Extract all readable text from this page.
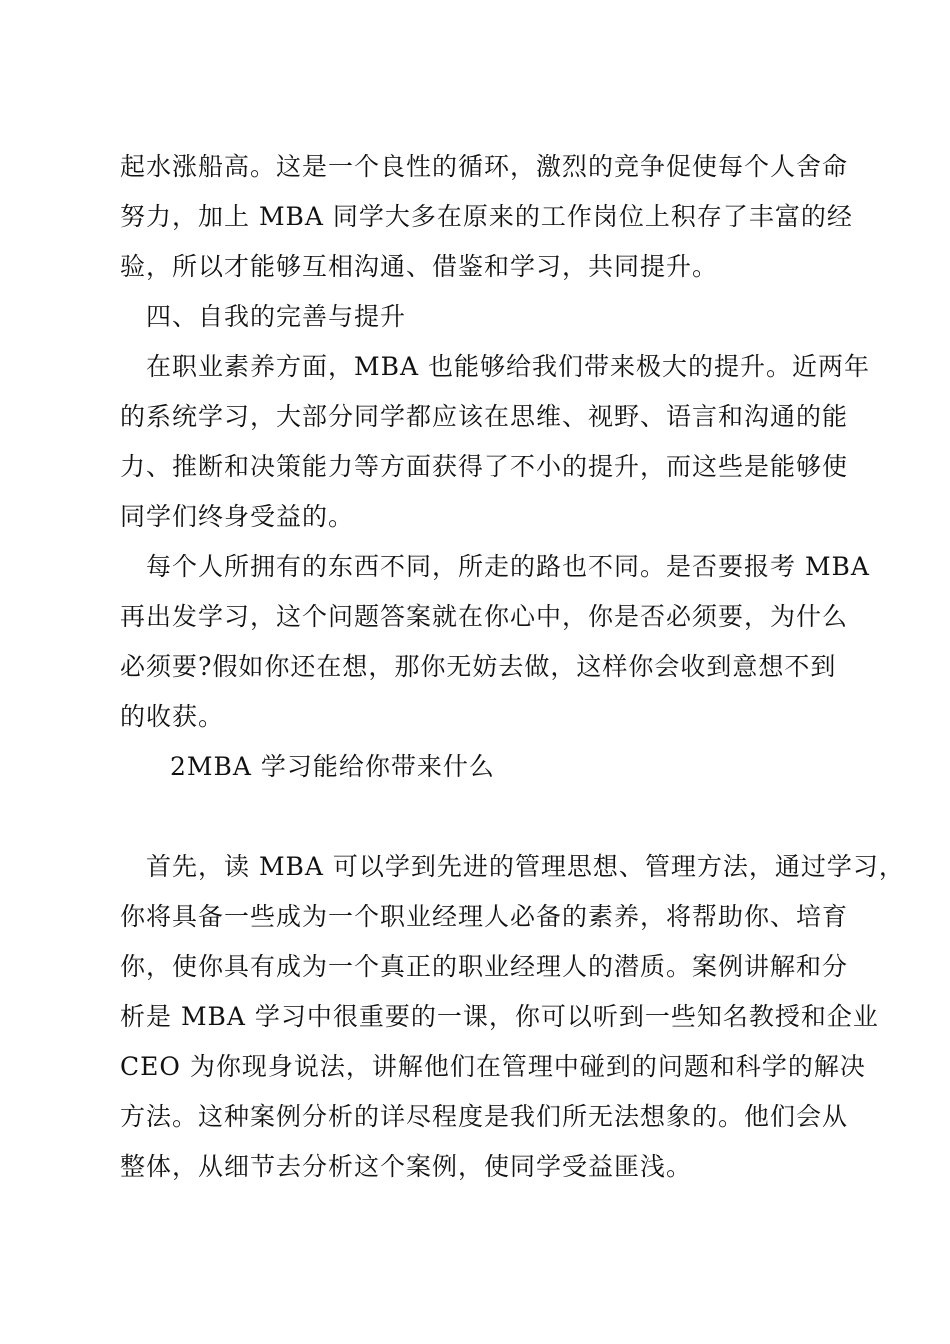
起水涨船高。这是一个良性的循环，激烈的竞争促使每个人舍命
努力，加上 MBA 同学大多在原来的工作岗位上积存了丰富的经
验，所以才能够互相沟通、借鉴和学习，共同提升。
四、自我的完善与提升
在职业素养方面，MBA 也能够给我们带来极大的提升。近两年
的系统学习，大部分同学都应该在思维、视野、语言和沟通的能
力、推断和决策能力等方面获得了不小的提升，而这些是能够使
同学们终身受益的。
每个人所拥有的东西不同，所走的路也不同。是否要报考 MBA
再出发学习，这个问题答案就在你心中，你是否必须要，为什么
必须要?假如你还在想，那你无妨去做，这样你会收到意想不到
的收获。
2MBA 学习能给你带来什么
首先，读 MBA 可以学到先进的管理思想、管理方法，通过学习，
你将具备一些成为一个职业经理人必备的素养，将帮助你、培育
你，使你具有成为一个真正的职业经理人的潜质。案例讲解和分
析是 MBA 学习中很重要的一课，你可以听到一些知名教授和企业
CEO 为你现身说法，讲解他们在管理中碰到的问题和科学的解决
方法。这种案例分析的详尽程度是我们所无法想象的。他们会从
整体，从细节去分析这个案例，使同学受益匪浅。
